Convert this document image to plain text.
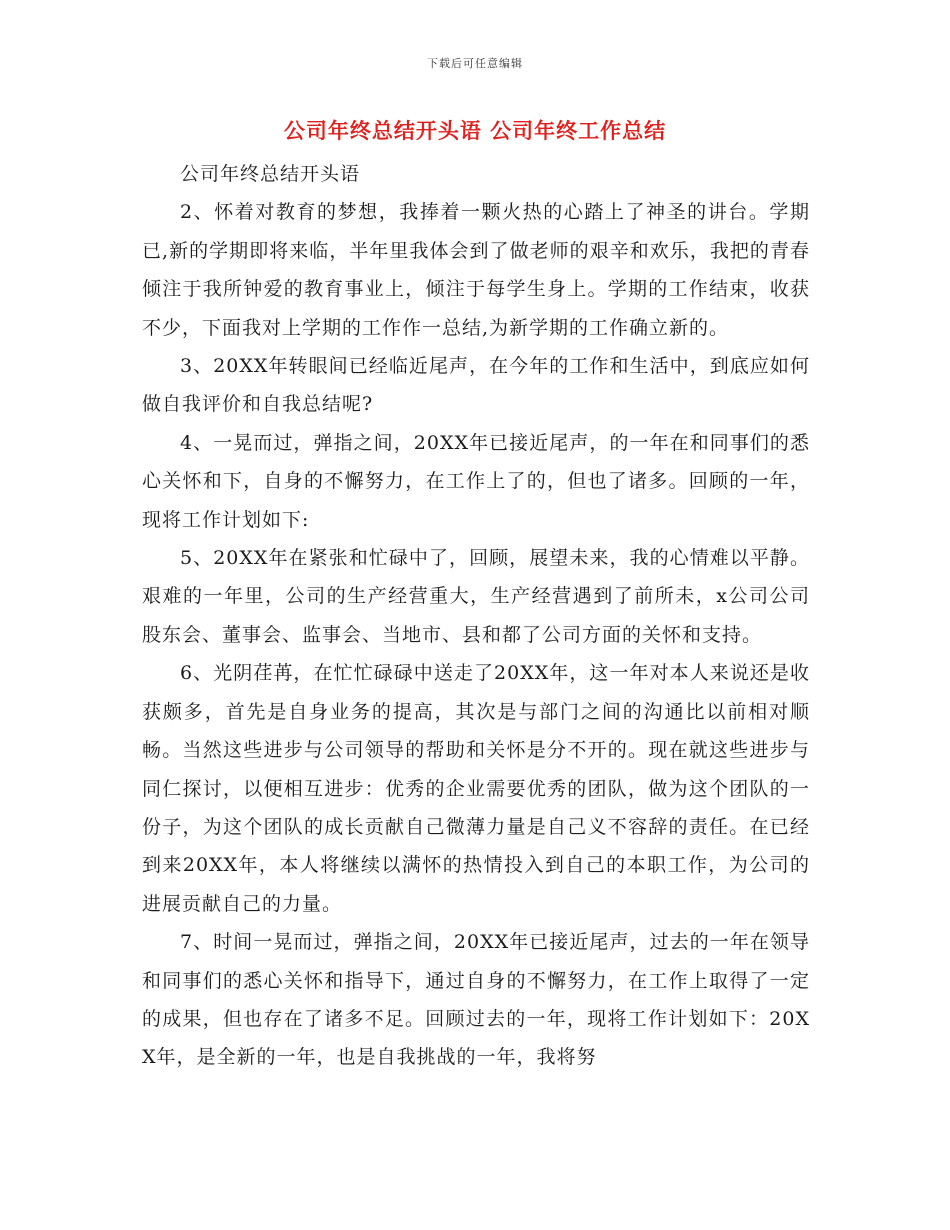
下载后可任意编辑
公司年终总结开头语 公司年终工作总结

公司年终总结开头语

2、怀着对教育的梦想，我捧着一颗火热的心踏上了神圣的讲台。学期已,新的学期即将来临，半年里我体会到了做老师的艰辛和欢乐，我把的青春倾注于我所钟爱的教育事业上，倾注于每学生身上。学期的工作结束，收获不少，下面我对上学期的工作作一总结,为新学期的工作确立新的。

3、20XX年转眼间已经临近尾声，在今年的工作和生活中，到底应如何做自我评价和自我总结呢?

4、一晃而过，弹指之间，20XX年已接近尾声，的一年在和同事们的悉心关怀和下，自身的不懈努力，在工作上了的，但也了诸多。回顾的一年，现将工作计划如下:

5、20XX年在紧张和忙碌中了，回顾，展望未来，我的心情难以平静。艰难的一年里，公司的生产经营重大，生产经营遇到了前所未，x公司公司股东会、董事会、监事会、当地市、县和都了公司方面的关怀和支持。

6、光阴荏苒，在忙忙碌碌中送走了20XX年，这一年对本人来说还是收获颇多，首先是自身业务的提高，其次是与部门之间的沟通比以前相对顺畅。当然这些进步与公司领导的帮助和关怀是分不开的。现在就这些进步与同仁探讨，以便相互进步：优秀的企业需要优秀的团队，做为这个团队的一份子，为这个团队的成长贡献自己微薄力量是自己义不容辞的责任。在已经到来20XX年，本人将继续以满怀的热情投入到自己的本职工作，为公司的进展贡献自己的力量。

7、时间一晃而过，弹指之间，20XX年已接近尾声，过去的一年在领导和同事们的悉心关怀和指导下，通过自身的不懈努力，在工作上取得了一定的成果，但也存在了诸多不足。回顾过去的一年，现将工作计划如下：20XX年，是全新的一年，也是自我挑战的一年，我将努
